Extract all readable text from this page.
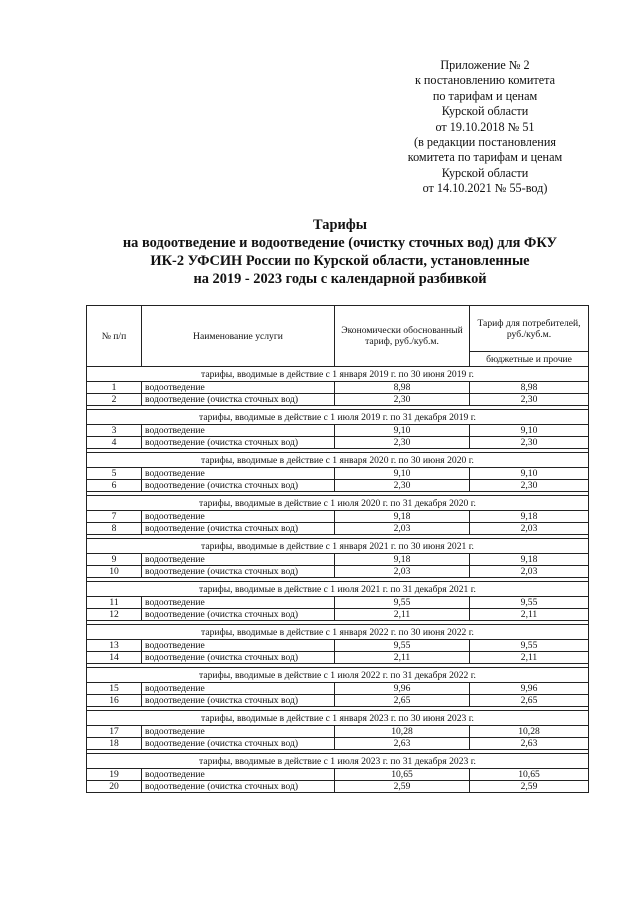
Приложение № 2
к постановлению комитета
по тарифам и ценам
Курской области
от 19.10.2018 № 51
(в редакции постановления
комитета по тарифам и ценам
Курской области
от 14.10.2021 № 55-вод)
Тарифы
на водоотведение и водоотведение (очистку сточных вод) для ФКУ
ИК-2 УФСИН России по Курской области, установленные
на 2019 - 2023 годы с календарной разбивкой
№ п/п	Наименование услуги	Экономически обоснованный тариф, руб./куб.м.	Тариф для потребителей, руб./куб.м.
			бюджетные и прочие
тарифы, вводимые в действие с 1 января 2019 г. по 30 июня 2019 г.			
1	водоотведение	8,98	8,98
2	водоотведение (очистка сточных вод)	2,30	2,30

тарифы, вводимые в действие с 1 июля 2019 г. по 31 декабря 2019 г.			
3	водоотведение	9,10	9,10
4	водоотведение (очистка сточных вод)	2,30	2,30

тарифы, вводимые в действие с 1 января 2020 г. по 30 июня 2020 г.			
5	водоотведение	9,10	9,10
6	водоотведение (очистка сточных вод)	2,30	2,30

тарифы, вводимые в действие с 1 июля 2020 г. по 31 декабря 2020 г.			
7	водоотведение	9,18	9,18
8	водоотведение (очистка сточных вод)	2,03	2,03

тарифы, вводимые в действие с 1 января 2021 г. по 30 июня 2021 г.			
9	водоотведение	9,18	9,18
10	водоотведение (очистка сточных вод)	2,03	2,03

тарифы, вводимые в действие с 1 июля 2021 г. по 31 декабря 2021 г.			
11	водоотведение	9,55	9,55
12	водоотведение (очистка сточных вод)	2,11	2,11

тарифы, вводимые в действие с 1 января 2022 г. по 30 июня 2022 г.			
13	водоотведение	9,55	9,55
14	водоотведение (очистка сточных вод)	2,11	2,11

тарифы, вводимые в действие с 1 июля 2022 г. по 31 декабря 2022 г.			
15	водоотведение	9,96	9,96
16	водоотведение (очистка сточных вод)	2,65	2,65

тарифы, вводимые в действие с 1 января 2023 г. по 30 июня 2023 г.			
17	водоотведение	10,28	10,28
18	водоотведение (очистка сточных вод)	2,63	2,63

тарифы, вводимые в действие с 1 июля 2023 г. по 31 декабря 2023 г.			
19	водоотведение	10,65	10,65
20	водоотведение (очистка сточных вод)	2,59	2,59
